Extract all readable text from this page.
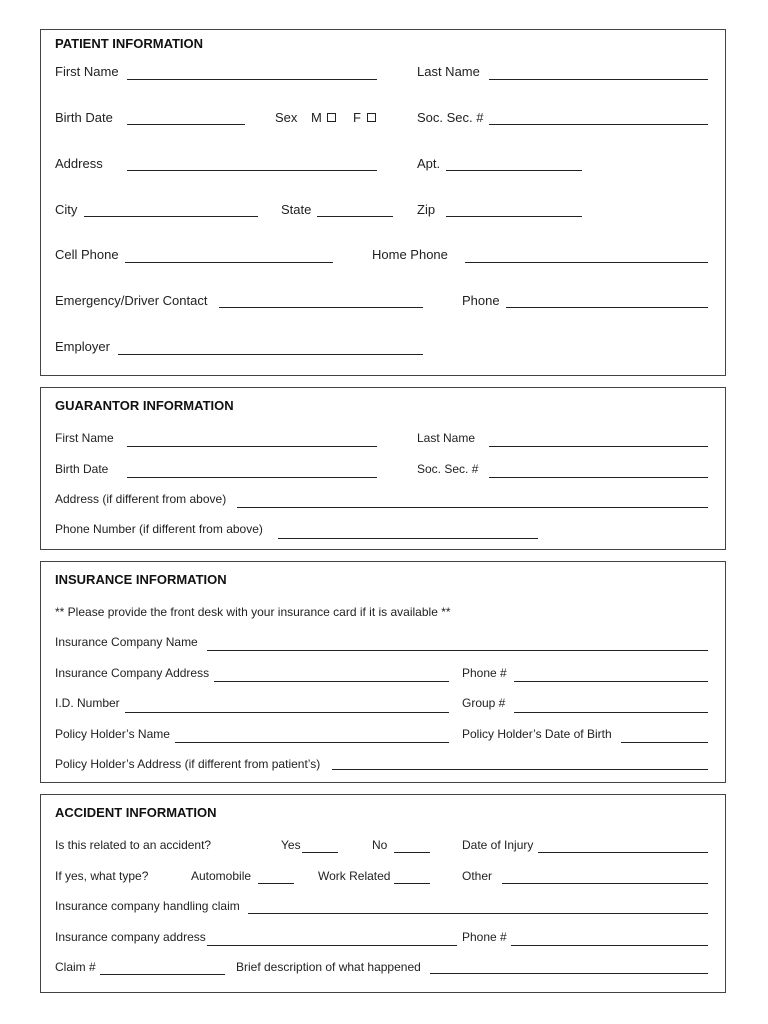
PATIENT INFORMATION
First Name	Last Name
Birth Date	Sex M F	Soc. Sec. #
Address	Apt.
City	State	Zip
Cell Phone	Home Phone
Emergency/Driver Contact	Phone
Employer
GUARANTOR INFORMATION
First Name	Last Name
Birth Date	Soc. Sec. #
Address (if different from above)
Phone Number (if different from above)
INSURANCE INFORMATION
** Please provide the front desk with your insurance card if it is available **
Insurance Company Name
Insurance Company Address	Phone #
I.D. Number	Group #
Policy Holder’s Name	Policy Holder’s Date of Birth
Policy Holder’s Address (if different from patient’s)
ACCIDENT INFORMATION
Is this related to an accident?	Yes	No	Date of Injury
If yes, what type?	Automobile	Work Related	Other
Insurance company handling claim
Insurance company address	Phone #
Claim #	Brief description of what happened
